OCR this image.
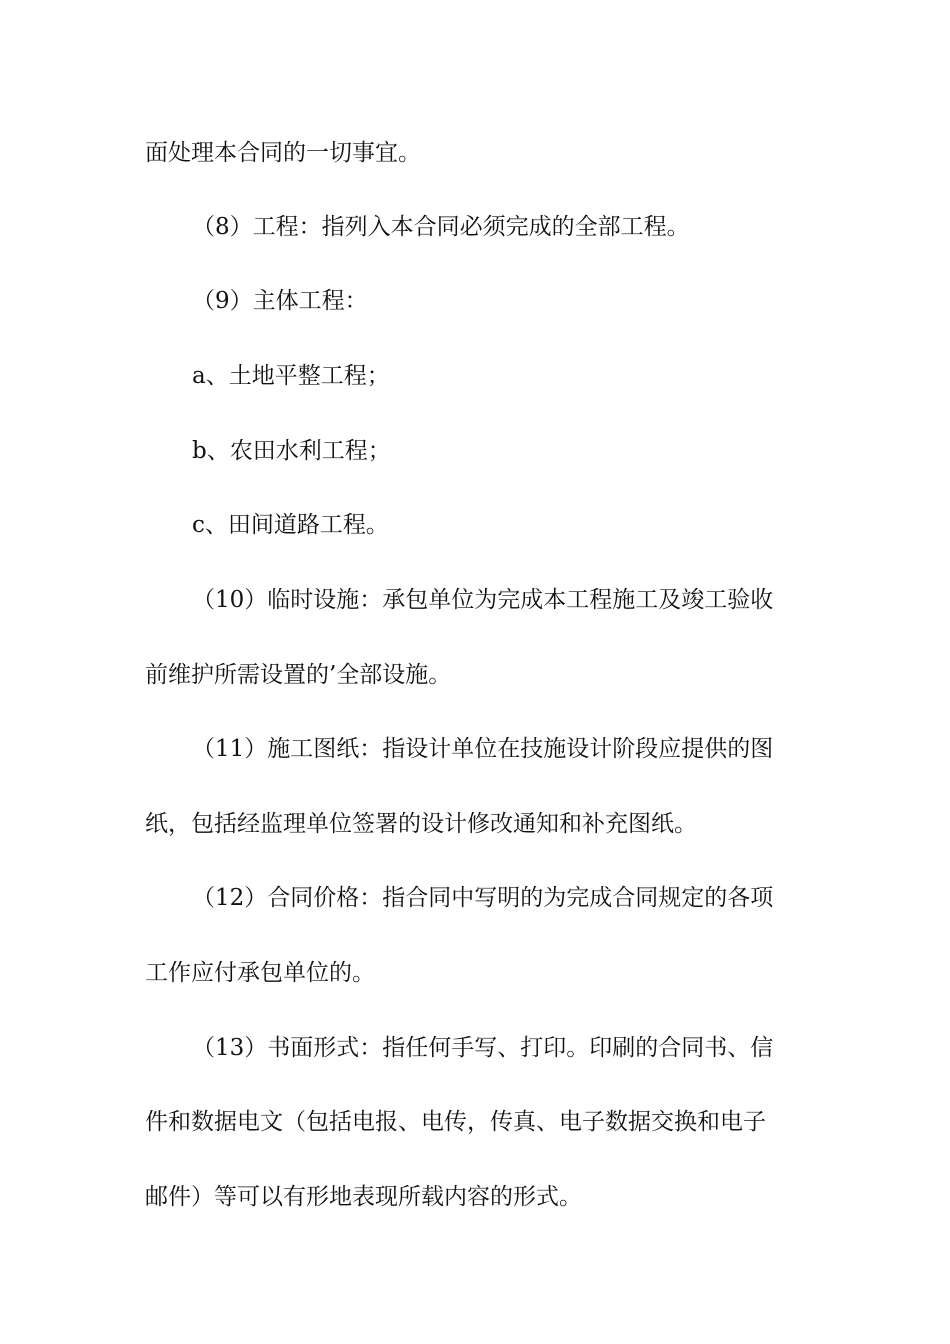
面处理本合同的一切事宜。
（8）工程：指列入本合同必须完成的全部工程。
（9）主体工程：
a、土地平整工程；
b、农田水利工程；
c、田间道路工程。
（10）临时设施：承包单位为完成本工程施工及竣工验收
前维护所需设置的’全部设施。
（11）施工图纸：指设计单位在技施设计阶段应提供的图
纸，包括经监理单位签署的设计修改通知和补充图纸。
（12）合同价格：指合同中写明的为完成合同规定的各项
工作应付承包单位的。
（13）书面形式：指任何手写、打印。印刷的合同书、信
件和数据电文（包括电报、电传，传真、电子数据交换和电子
邮件）等可以有形地表现所载内容的形式。
